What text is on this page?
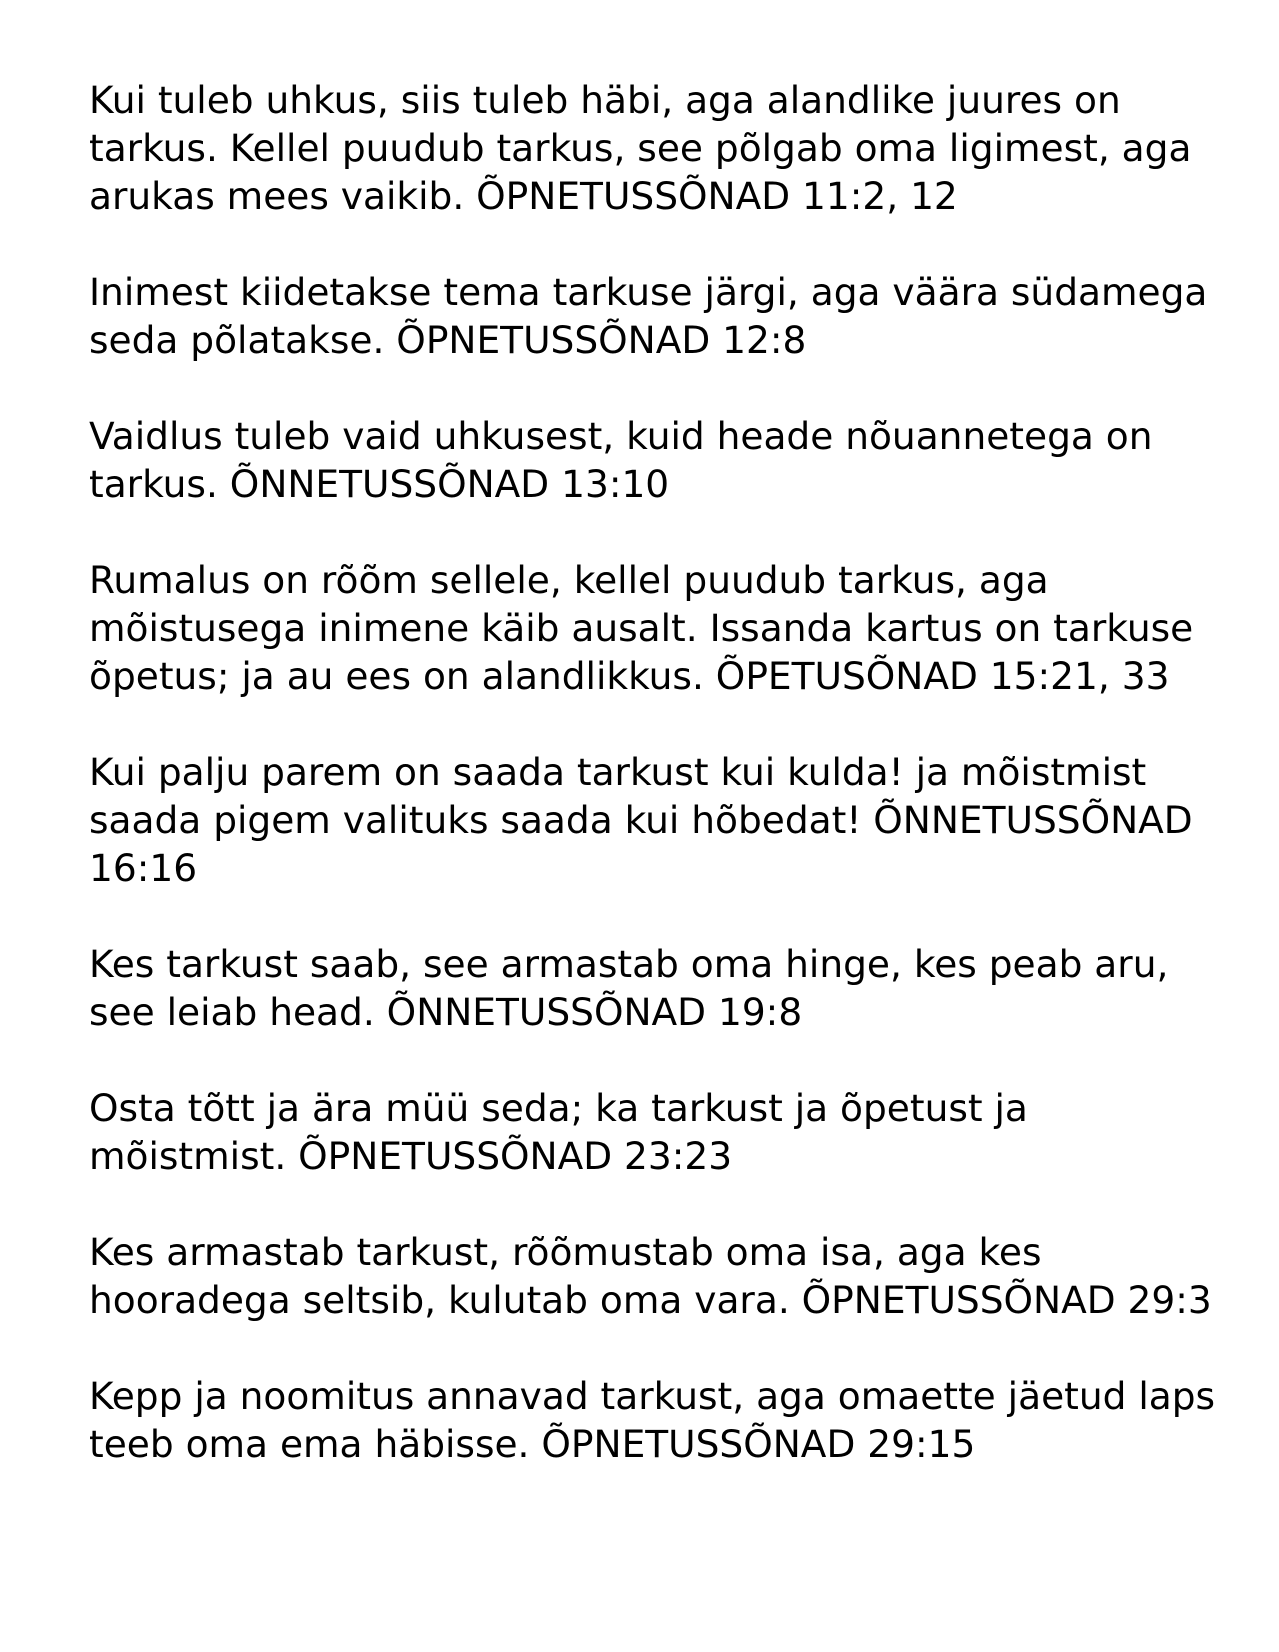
Kui tuleb uhkus, siis tuleb häbi, aga alandlike juures on tarkus. Kellel puudub tarkus, see põlgab oma ligimest, aga arukas mees vaikib. ÕPNETUSSÕNAD 11:2, 12

Inimest kiidetakse tema tarkuse järgi, aga väära südamega seda põlatakse. ÕPNETUSSÕNAD 12:8

Vaidlus tuleb vaid uhkusest, kuid heade nõuannetega on tarkus. ÕNNETUSSÕNAD 13:10

Rumalus on rõõm sellele, kellel puudub tarkus, aga mõistusega inimene käib ausalt. Issanda kartus on tarkuse õpetus; ja au ees on alandlikkus. ÕPETUSÕNAD 15:21, 33

Kui palju parem on saada tarkust kui kulda! ja mõistmist saada pigem valituks saada kui hõbedat! ÕNNETUSSÕNAD 16:16

Kes tarkust saab, see armastab oma hinge, kes peab aru, see leiab head. ÕNNETUSSÕNAD 19:8

Osta tõtt ja ära müü seda; ka tarkust ja õpetust ja mõistmist. ÕPNETUSSÕNAD 23:23

Kes armastab tarkust, rõõmustab oma isa, aga kes hooradega seltsib, kulutab oma vara. ÕPNETUSSÕNAD 29:3

Kepp ja noomitus annavad tarkust, aga omaette jäetud laps teeb oma ema häbisse. ÕPNETUSSÕNAD 29:15
